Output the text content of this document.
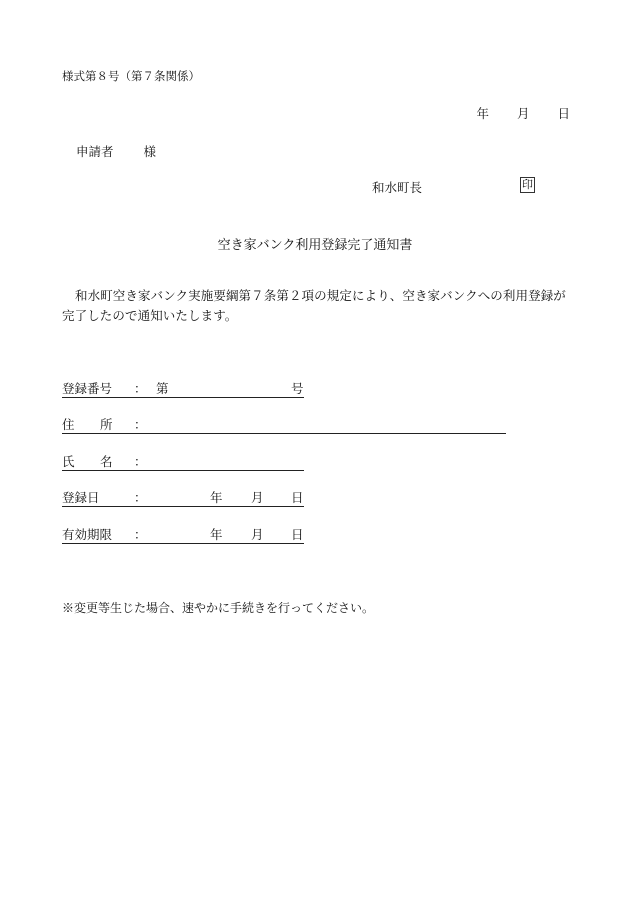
様式第８号（第７条関係）
年 月 日
申請者 様
和水町長	印
空き家バンク利用登録完了通知書
和水町空き家バンク実施要綱第７条第２項の規定により、空き家バンクへの利用登録が完了したので通知いたします。
登録番号 ： 第	号
住 所 ：
氏 名 ：
登録日	：	年 月 日
有効期限 ：	年 月 日
※変更等生じた場合、速やかに手続きを行ってください。
